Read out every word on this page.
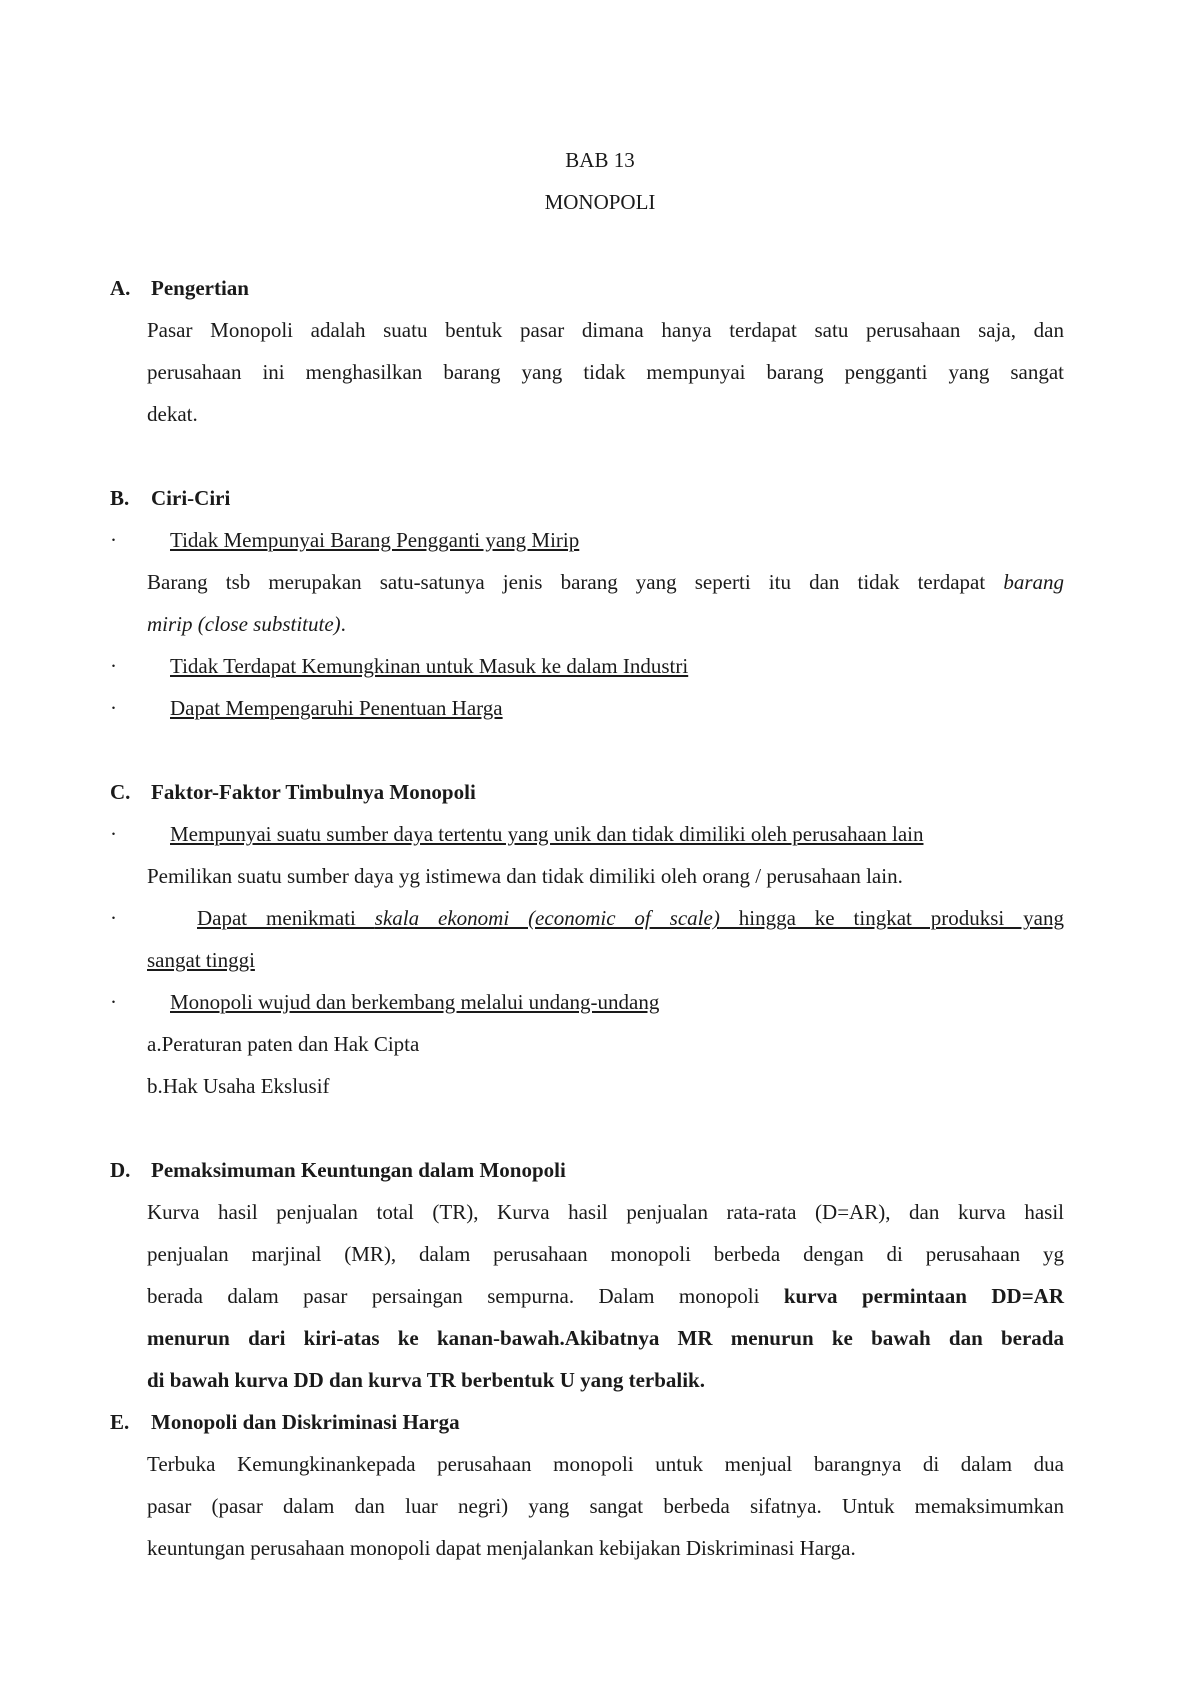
BAB 13
MONOPOLI
A. Pengertian
Pasar Monopoli adalah suatu bentuk pasar dimana hanya terdapat satu perusahaan saja, dan
perusahaan ini menghasilkan barang yang tidak mempunyai barang pengganti yang sangat
dekat.
B. Ciri-Ciri
·	Tidak Mempunyai Barang Pengganti yang Mirip
Barang tsb merupakan satu-satunya jenis barang yang seperti itu dan tidak terdapat barang
mirip (close substitute).
·	Tidak Terdapat Kemungkinan untuk Masuk ke dalam Industri
·	Dapat Mempengaruhi Penentuan Harga
C. Faktor-Faktor Timbulnya Monopoli
·	Mempunyai suatu sumber daya tertentu yang unik dan tidak dimiliki oleh perusahaan lain
Pemilikan suatu sumber daya yg istimewa dan tidak dimiliki oleh orang / perusahaan lain.
·	Dapat menikmati skala ekonomi (economic of scale) hingga ke tingkat produksi yang
sangat tinggi
·	Monopoli wujud dan berkembang melalui undang-undang
a.Peraturan paten dan Hak Cipta
b.Hak Usaha Ekslusif
D. Pemaksimuman Keuntungan dalam Monopoli
Kurva hasil penjualan total (TR), Kurva hasil penjualan rata-rata (D=AR), dan kurva hasil
penjualan marjinal (MR), dalam perusahaan monopoli berbeda dengan di perusahaan yg
berada dalam pasar persaingan sempurna. Dalam monopoli kurva permintaan DD=AR
menurun dari kiri-atas ke kanan-bawah.Akibatnya MR menurun ke bawah dan berada
di bawah kurva DD dan kurva TR berbentuk U yang terbalik.
E. Monopoli dan Diskriminasi Harga
Terbuka Kemungkinankepada perusahaan monopoli untuk menjual barangnya di dalam dua
pasar (pasar dalam dan luar negri) yang sangat berbeda sifatnya. Untuk memaksimumkan
keuntungan perusahaan monopoli dapat menjalankan kebijakan Diskriminasi Harga.
